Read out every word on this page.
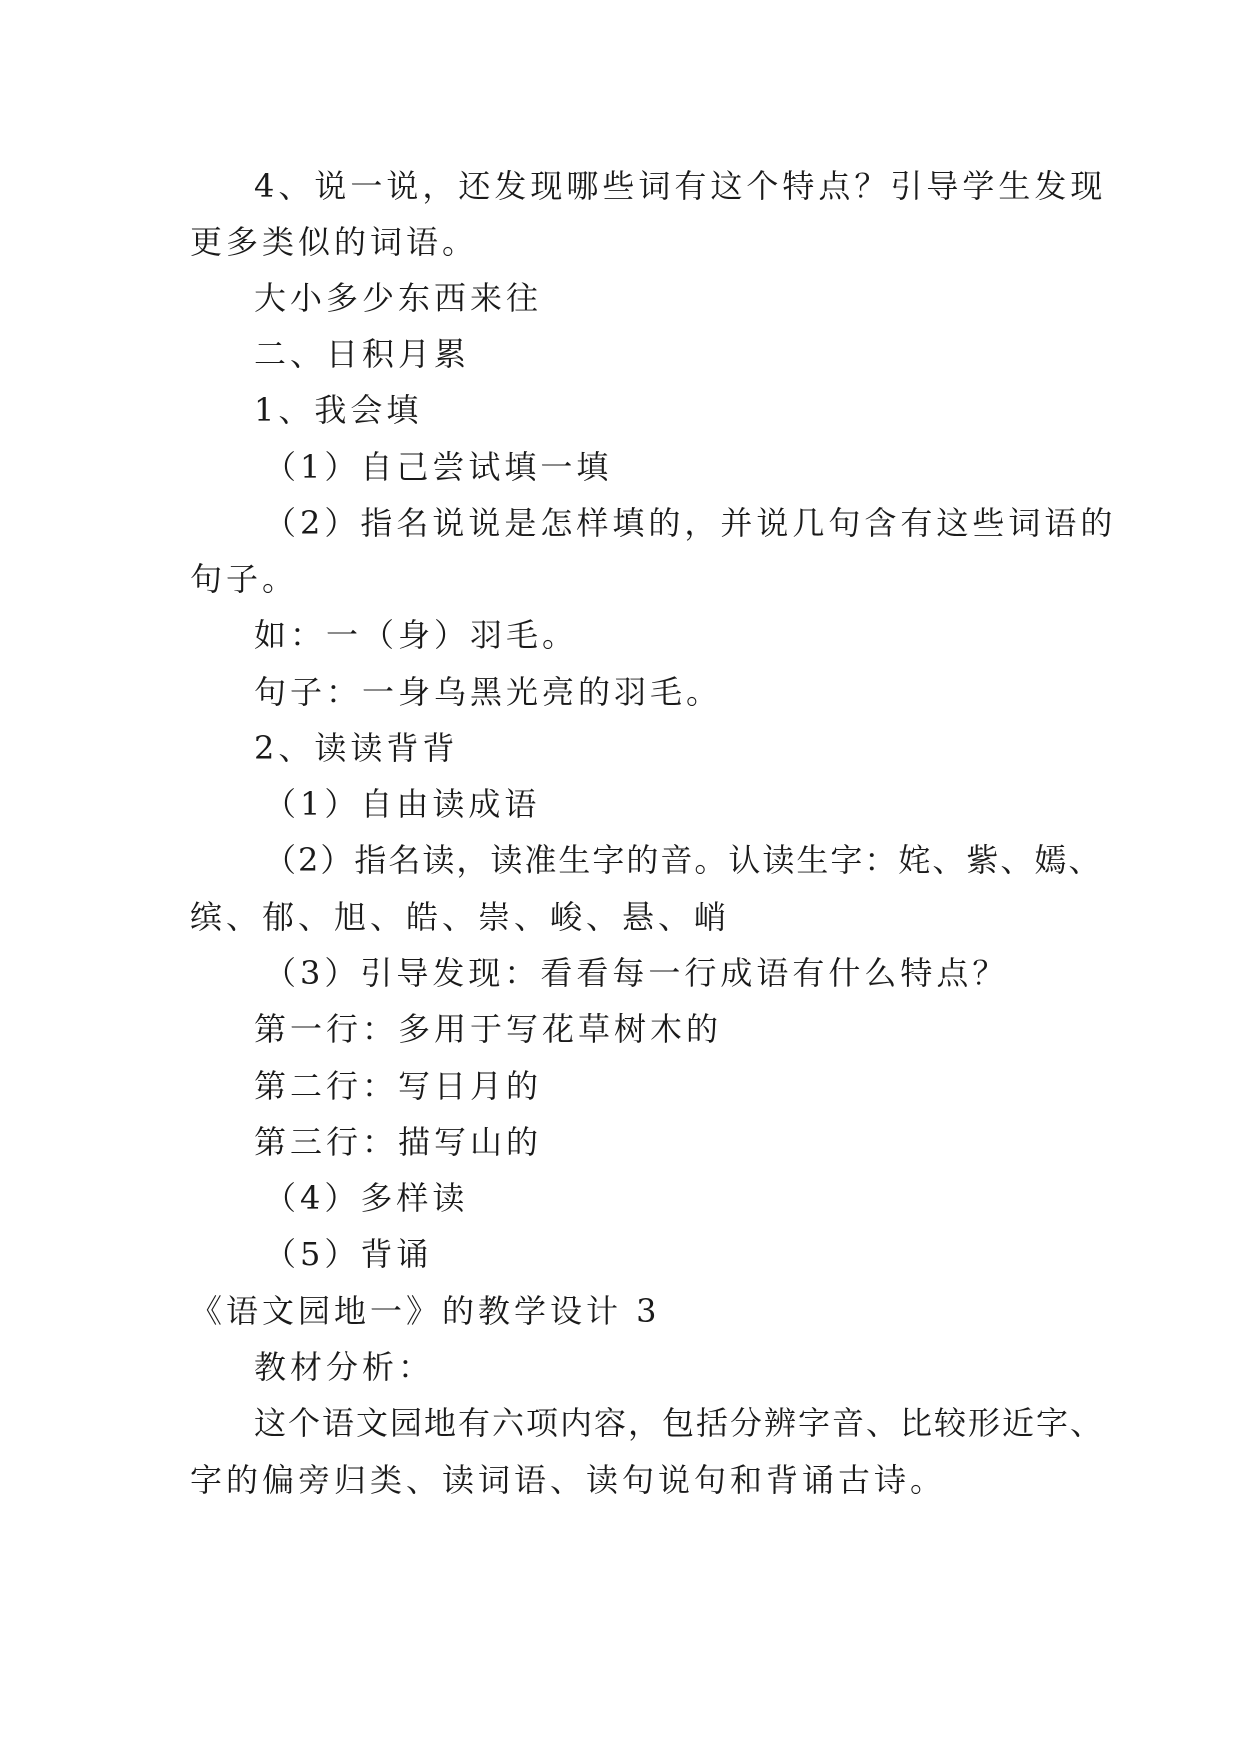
4、说一说，还发现哪些词有这个特点？引导学生发现

更多类似的词语。

大小多少东西来往

二、日积月累

1、我会填

（1）自己尝试填一填

（2）指名说说是怎样填的，并说几句含有这些词语的

句子。

如：一（身）羽毛。

句子：一身乌黑光亮的羽毛。

2、读读背背

（1）自由读成语

（2）指名读，读准生字的音。认读生字：姹、紫、嫣、

缤、郁、旭、皓、崇、峻、悬、峭

（3）引导发现：看看每一行成语有什么特点？

第一行：多用于写花草树木的

第二行：写日月的

第三行：描写山的

（4）多样读

（5）背诵

《语文园地一》的教学设计 3

教材分析：

这个语文园地有六项内容，包括分辨字音、比较形近字、

字的偏旁归类、读词语、读句说句和背诵古诗。
